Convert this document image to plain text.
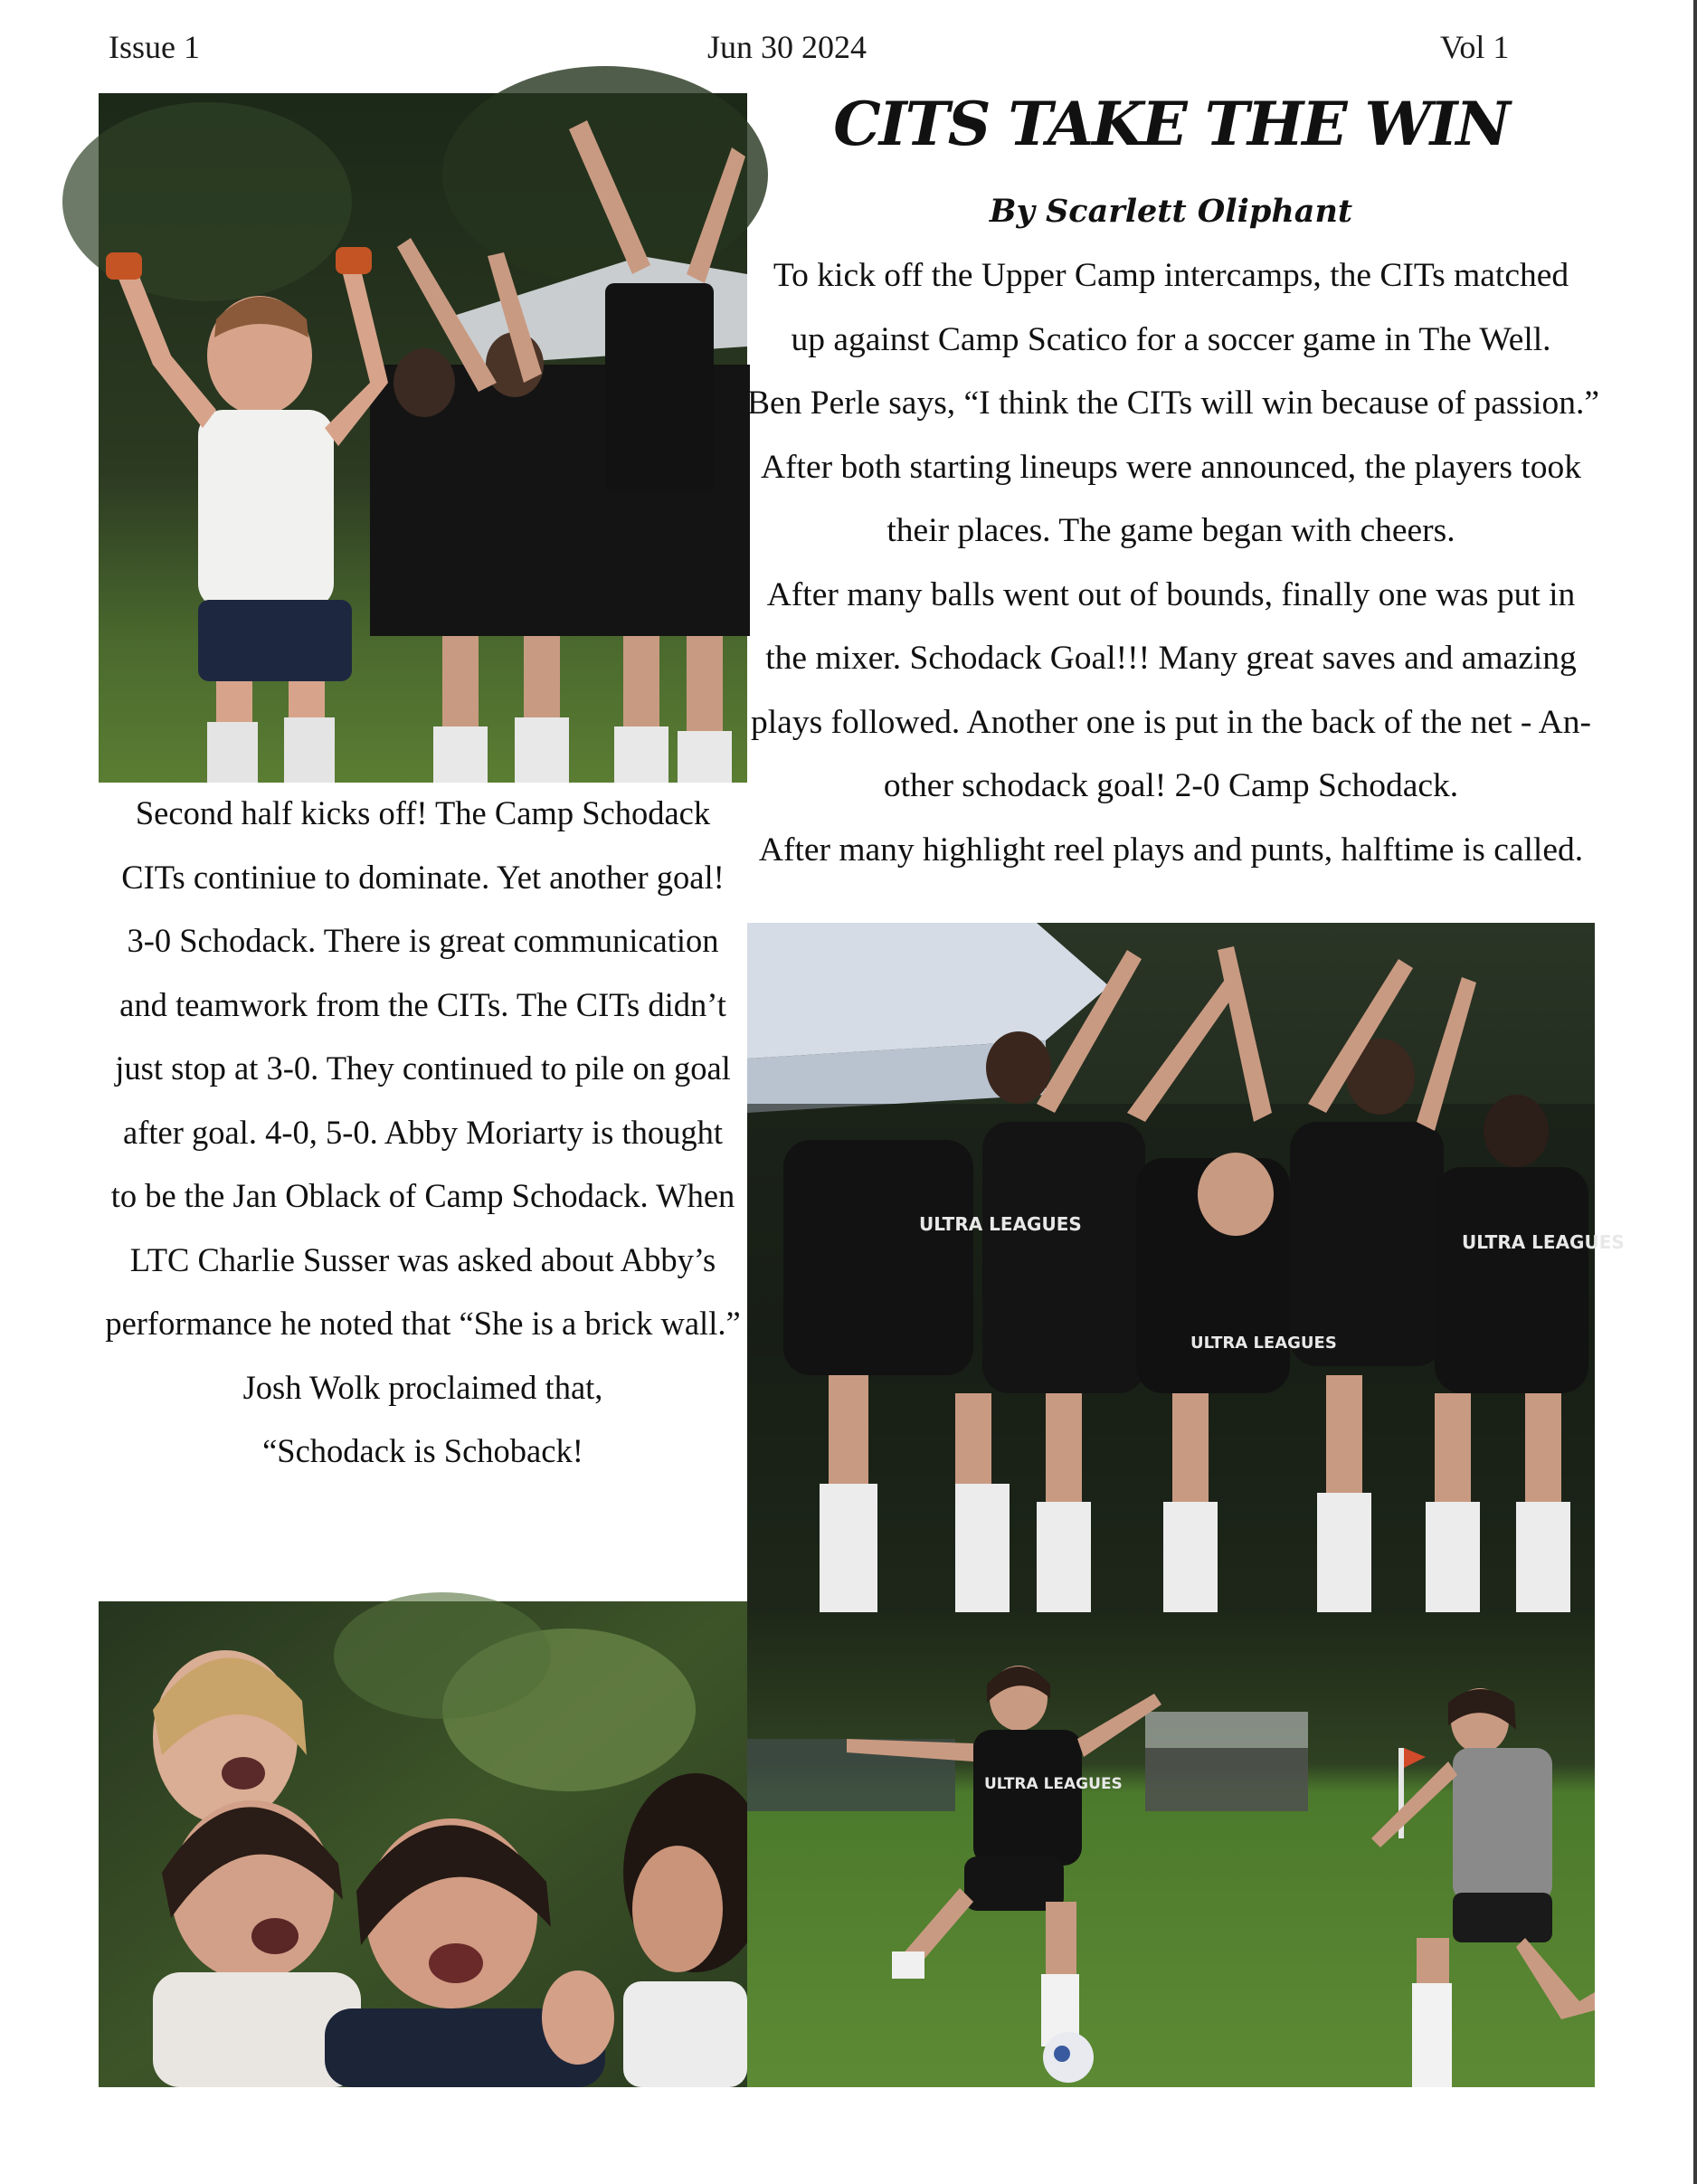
Issue 1	Jun 30 2024	Vol 1
ULTRA LEAGUES
ULTRA LEAGUES
ULTRA LEAGUES
ULTRA LEAGUES
CITS TAKE THE WIN
By Scarlett Oliphant
To kick off the Upper Camp intercamps, the CITs matched
up against Camp Scatico for a soccer game in The Well.
Ben Perle says, “I think the CITs will win because of passion.”
After both starting lineups were announced, the players took
their places. The game began with cheers.
After many balls went out of bounds, finally one was put in
the mixer. Schodack Goal!!! Many great saves and amazing
plays followed. Another one is put in the back of the net - An-
other schodack goal! 2-0 Camp Schodack.
After many highlight reel plays and punts, halftime is called.
Second half kicks off! The Camp Schodack
CITs continiue to dominate. Yet another goal!
3-0 Schodack. There is great communication
and teamwork from the CITs. The CITs didn’t
just stop at 3-0. They continued to pile on goal
after goal. 4-0, 5-0. Abby Moriarty is thought
to be the Jan Oblack of Camp Schodack. When
LTC Charlie Susser was asked about Abby’s
performance he noted that “She is a brick wall.”
Josh Wolk proclaimed that,
“Schodack is Schoback!
